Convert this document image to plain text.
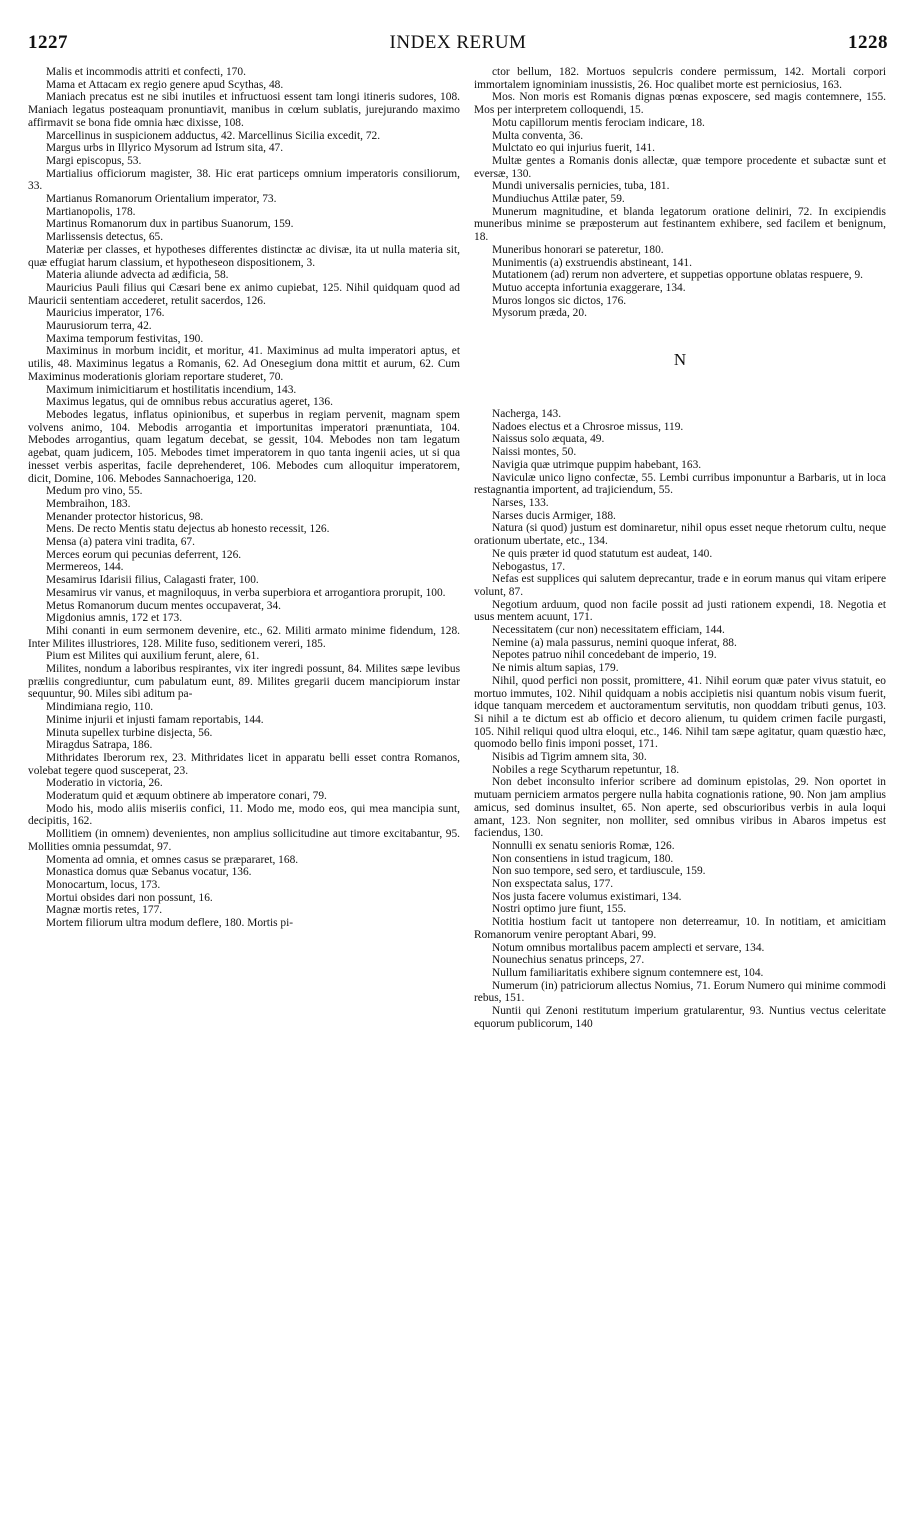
1227	INDEX RERUM	1228

Malis et incommodis attriti et confecti, 170.

Mama et Attacam ex regio genere apud Scythas, 48.

Maniach precatus est ne sibi inutiles et infructuosi essent tam longi itineris sudores, 108. Maniach legatus posteaquam pronuntiavit, manibus in cœlum sublatis, jurejurando maximo affirmavit se bona fide omnia hæc dixisse, 108.

Marcellinus in suspicionem adductus, 42. Marcellinus Sicilia excedit, 72.

Margus urbs in Illyrico Mysorum ad Istrum sita, 47.

Margi episcopus, 53.

Martialius officiorum magister, 38. Hic erat particeps omnium imperatoris consiliorum, 33.

Martianus Romanorum Orientalium imperator, 73.

Martianopolis, 178.

Martinus Romanorum dux in partibus Suanorum, 159.

Marlissensis detectus, 65.

Materiæ per classes, et hypotheses differentes distinctæ ac divisæ, ita ut nulla materia sit, quæ effugiat harum classium, et hypotheseon dispositionem, 3.

Materia aliunde advecta ad ædificia, 58.

Mauricius Pauli filius qui Cæsari bene ex animo cupiebat, 125. Nihil quidquam quod ad Mauricii sententiam accederet, retulit sacerdos, 126.

Mauricius imperator, 176.

Maurusiorum terra, 42.

Maxima temporum festivitas, 190.

Maximinus in morbum incidit, et moritur, 41. Maximinus ad multa imperatori aptus, et utilis, 48. Maximinus legatus a Romanis, 62. Ad Onesegium dona mittit et aurum, 62. Cum Maximinus moderationis gloriam reportare studeret, 70.

Maximum inimicitiarum et hostilitatis incendium, 143.

Maximus legatus, qui de omnibus rebus accuratius ageret, 136.

Mebodes legatus, inflatus opinionibus, et superbus in regiam pervenit, magnam spem volvens animo, 104. Mebodis arrogantia et importunitas imperatori prænuntiata, 104. Mebodes arrogantius, quam legatum decebat, se gessit, 104. Mebodes non tam legatum agebat, quam judicem, 105. Mebodes timet imperatorem in quo tanta ingenii acies, ut si qua inesset verbis asperitas, facile deprehenderet, 106. Mebodes cum alloquitur imperatorem, dicit, Domine, 106. Mebodes Sannachoeriga, 120.

Medum pro vino, 55.

Membraihon, 183.

Menander protector historicus, 98.

Mens. De recto Mentis statu dejectus ab honesto recessit, 126.

Mensa (a) patera vini tradita, 67.

Merces eorum qui pecunias deferrent, 126.

Mermereos, 144.

Mesamirus Idarisii filius, Calagasti frater, 100.

Mesamirus vir vanus, et magniloquus, in verba superbiora et arrogantiora prorupit, 100.

Metus Romanorum ducum mentes occupaverat, 34.

Migdonius amnis, 172 et 173.

Mihi conanti in eum sermonem devenire, etc., 62. Militi armato minime fidendum, 128. Inter Milites illustriores, 128. Milite fuso, seditionem vereri, 185.

Pium est Milites qui auxilium ferunt, alere, 61.

Milites, nondum a laboribus respirantes, vix iter ingredi possunt, 84. Milites sæpe levibus præliis congrediuntur, cum pabulatum eunt, 89. Milites gregarii ducem mancipiorum instar sequuntur, 90. Miles sibi aditum pa-

Mindimiana regio, 110.

Minime injurii et injusti famam reportabis, 144.

Minuta supellex turbine disjecta, 56.

Miragdus Satrapa, 186.

Mithridates Iberorum rex, 23. Mithridates licet in apparatu belli esset contra Romanos, volebat tegere quod susceperat, 23.

Moderatio in victoria, 26.

Moderatum quid et æquum obtinere ab imperatore conari, 79.

Modo his, modo aliis miseriis confici, 11. Modo me, modo eos, qui mea mancipia sunt, decipitis, 162.

Mollitiem (in omnem) devenientes, non amplius sollicitudine aut timore excitabantur, 95. Mollities omnia pessumdat, 97.

Momenta ad omnia, et omnes casus se præpararet, 168.

Monastica domus quæ Sebanus vocatur, 136.

Monocartum, locus, 173.

Mortui obsides dari non possunt, 16.

Magnæ mortis retes, 177.

Mortem filiorum ultra modum deflere, 180. Mortis pi-

ctor bellum, 182. Mortuos sepulcris condere permissum, 142. Mortali corpori immortalem ignominiam inussistis, 26. Hoc qualibet morte est perniciosius, 163.

Mos. Non moris est Romanis dignas pœnas exposcere, sed magis contemnere, 155. Mos per interpretem colloquendi, 15.

Motu capillorum mentis ferociam indicare, 18.

Multa conventa, 36.

Mulctato eo qui injurius fuerit, 141.

Multæ gentes a Romanis donis allectæ, quæ tempore procedente et subactæ sunt et eversæ, 130.

Mundi universalis pernicies, tuba, 181.

Mundiuchus Attilæ pater, 59.

Munerum magnitudine, et blanda legatorum oratione deliniri, 72. In excipiendis muneribus minime se præposterum aut festinantem exhibere, sed facilem et benignum, 18.

Muneribus honorari se pateretur, 180.

Munimentis (a) exstruendis abstineant, 141.

Mutationem (ad) rerum non advertere, et suppetias opportune oblatas respuere, 9.

Mutuo accepta infortunia exaggerare, 134.

Muros longos sic dictos, 176.

Mysorum præda, 20.

N

Nacherga, 143.

Nadoes electus et a Chrosroe missus, 119.

Naissus solo æquata, 49.

Naissi montes, 50.

Navigia quæ utrimque puppim habebant, 163.

Naviculæ unico ligno confectæ, 55. Lembi curribus imponuntur a Barbaris, ut in loca restagnantia importent, ad trajiciendum, 55.

Narses, 133.

Narses ducis Armiger, 188.

Natura (si quod) justum est dominaretur, nihil opus esset neque rhetorum cultu, neque orationum ubertate, etc., 134.

Ne quis præter id quod statutum est audeat, 140.

Nebogastus, 17.

Nefas est supplices qui salutem deprecantur, trade e in eorum manus qui vitam eripere volunt, 87.

Negotium arduum, quod non facile possit ad justi rationem expendi, 18. Negotia et usus mentem acuunt, 171.

Necessitatem (cur non) necessitatem efficiam, 144.

Nemine (a) mala passurus, nemini quoque inferat, 88.

Nepotes patruo nihil concedebant de imperio, 19.

Ne nimis altum sapias, 179.

Nihil, quod perfici non possit, promittere, 41. Nihil eorum quæ pater vivus statuit, eo mortuo immutes, 102. Nihil quidquam a nobis accipietis nisi quantum nobis visum fuerit, idque tanquam mercedem et auctoramentum servitutis, non quoddam tributi genus, 103. Si nihil a te dictum est ab officio et decoro alienum, tu quidem crimen facile purgasti, 105. Nihil reliqui quod ultra eloqui, etc., 146. Nihil tam sæpe agitatur, quam quæstio hæc, quomodo bello finis imponi posset, 171.

Nisibis ad Tigrim amnem sita, 30.

Nobiles a rege Scytharum repetuntur, 18.

Non debet inconsulto inferior scribere ad dominum epistolas, 29. Non oportet in mutuam perniciem armatos pergere nulla habita cognationis ratione, 90. Non jam amplius amicus, sed dominus insultet, 65. Non aperte, sed obscurioribus verbis in aula loqui amant, 123. Non segniter, non molliter, sed omnibus viribus in Abaros impetus est faciendus, 130.

Nonnulli ex senatu senioris Romæ, 126.

Non consentiens in istud tragicum, 180.

Non suo tempore, sed sero, et tardiuscule, 159.

Non exspectata salus, 177.

Nos justa facere volumus existimari, 134.

Nostri optimo jure fiunt, 155.

Notitia hostium facit ut tantopere non deterreamur, 10. In notitiam, et amicitiam Romanorum venire peroptant Abari, 99.

Notum omnibus mortalibus pacem amplecti et servare, 134.

Nounechius senatus princeps, 27.

Nullum familiaritatis exhibere signum contemnere est, 104.

Numerum (in) patriciorum allectus Nomius, 71. Eorum Numero qui minime commodi rebus, 151.

Nuntii qui Zenoni restitutum imperium gratularentur, 93. Nuntius vectus celeritate equorum publicorum, 140
